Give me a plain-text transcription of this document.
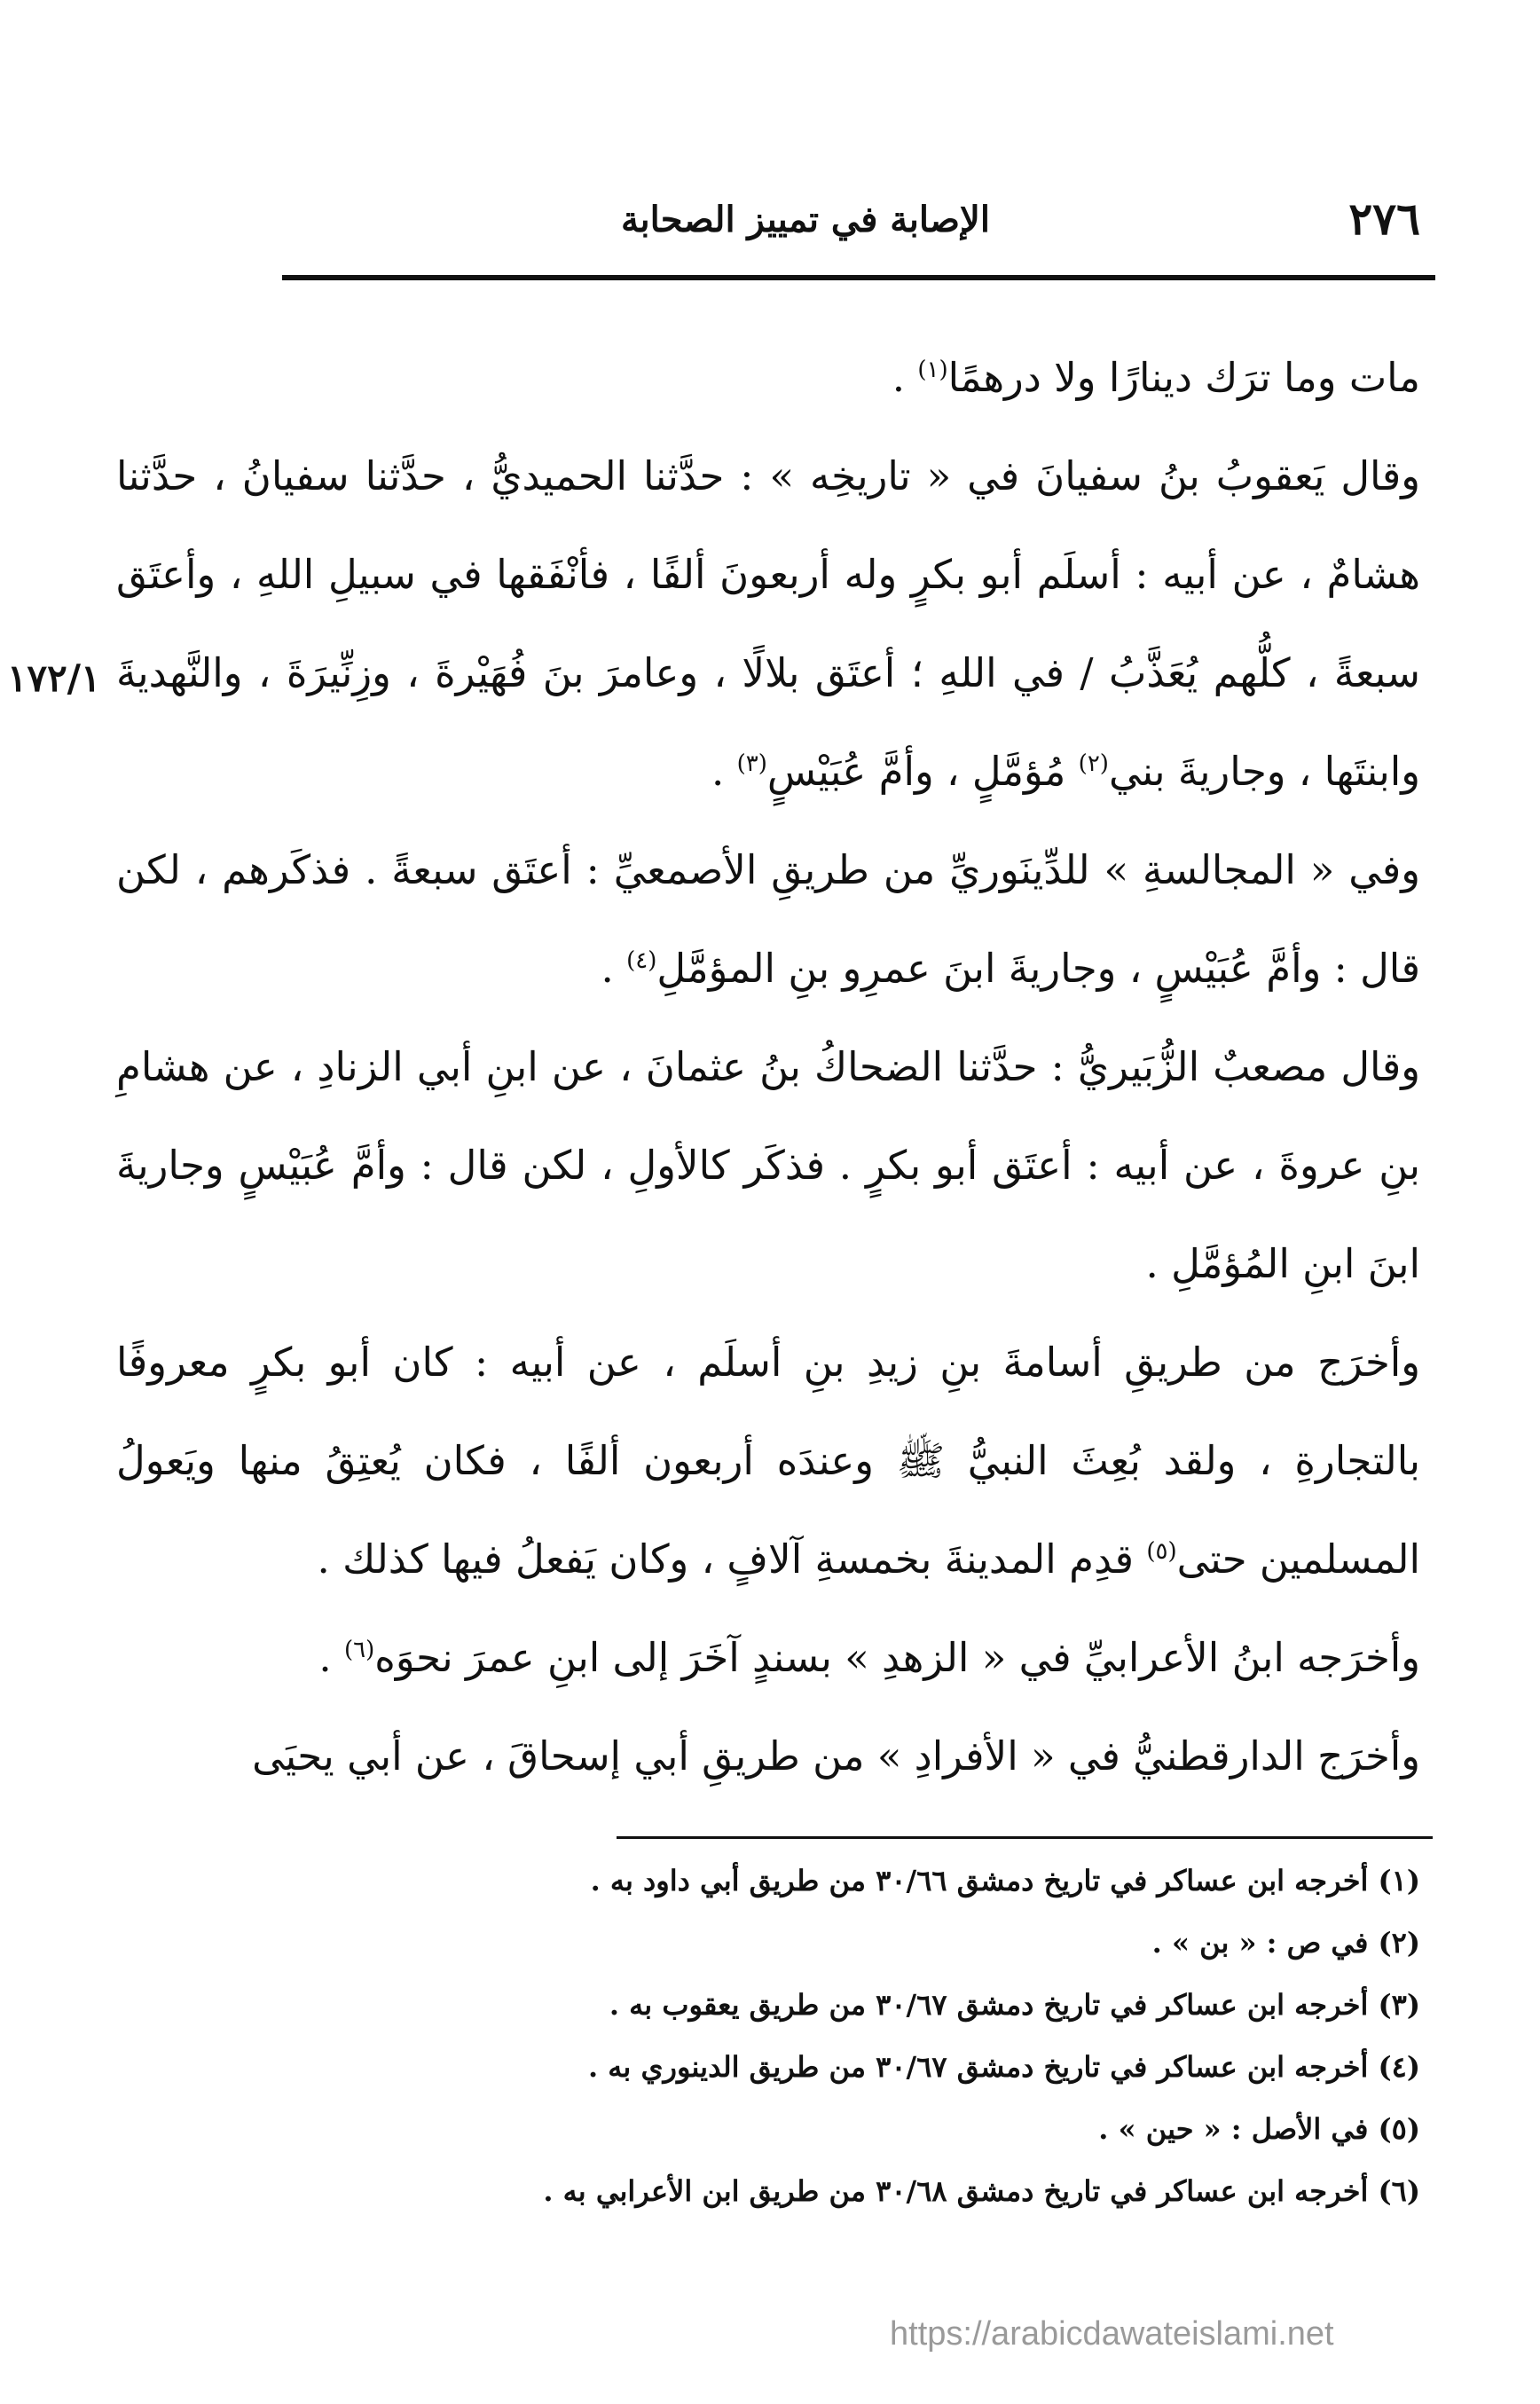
٢٧٦
الإصابة في تمييز الصحابة
١٧٢/١

مات وما ترَك دينارًا ولا درهمًا$^{(١)}$ .

وقال يَعقوبُ بنُ سفيانَ في « تاريخِه » : حدَّثنا الحميديُّ ، حدَّثنا سفيانُ ، حدَّثنا هشامٌ ، عن أبيه : أسلَم أبو بكرٍ وله أربعونَ ألفًا ، فأنْفَقها في سبيلِ اللهِ ، وأعتَق سبعةً ، كلُّهم يُعَذَّبُ / في اللهِ ؛ أعتَق بلالًا ، وعامرَ بنَ فُهَيْرةَ ، وزِنِّيرَةَ ، والنَّهديةَ وابنتَها ، وجاريةَ بني$^{(٢)}$ مُؤمَّلٍ ، وأمَّ عُبَيْسٍ$^{(٣)}$ .

وفي « المجالسةِ » للدِّينَوريِّ من طريقِ الأصمعيِّ : أعتَق سبعةً . فذكَرهم ، لكن قال : وأمَّ عُبَيْسٍ ، وجاريةَ ابنَ عمرِو بنِ المؤمَّلِ$^{(٤)}$ .

وقال مصعبٌ الزُّبَيريُّ : حدَّثنا الضحاكُ بنُ عثمانَ ، عن ابنِ أبي الزنادِ ، عن هشامِ بنِ عروةَ ، عن أبيه : أعتَق أبو بكرٍ . فذكَر كالأولِ ، لكن قال : وأمَّ عُبَيْسٍ وجاريةَ ابنَ ابنِ المُؤمَّلِ .

وأخرَج من طريقِ أسامةَ بنِ زيدِ بنِ أسلَم ، عن أبيه : كان أبو بكرٍ معروفًا بالتجارةِ ، ولقد بُعِثَ النبيُّ ﷺ وعندَه أربعون ألفًا ، فكان يُعتِقُ منها ويَعولُ المسلمين حتى$^{(٥)}$ قدِم المدينةَ بخمسةِ آلافٍ ، وكان يَفعلُ فيها كذلك .

وأخرَجه ابنُ الأعرابيِّ في « الزهدِ » بسندٍ آخَرَ إلى ابنِ عمرَ نحوَه$^{(٦)}$ .

وأخرَج الدارقطنيُّ في « الأفرادِ » من طريقِ أبي إسحاقَ ، عن أبي يحيَى

(١) أخرجه ابن عساكر في تاريخ دمشق ٣٠/٦٦ من طريق أبي داود به .
(٢) في ص : « بن » .
(٣) أخرجه ابن عساكر في تاريخ دمشق ٣٠/٦٧ من طريق يعقوب به .
(٤) أخرجه ابن عساكر في تاريخ دمشق ٣٠/٦٧ من طريق الدينوري به .
(٥) في الأصل : « حين » .
(٦) أخرجه ابن عساكر في تاريخ دمشق ٣٠/٦٨ من طريق ابن الأعرابي به .
https://arabicdawateislami.net
